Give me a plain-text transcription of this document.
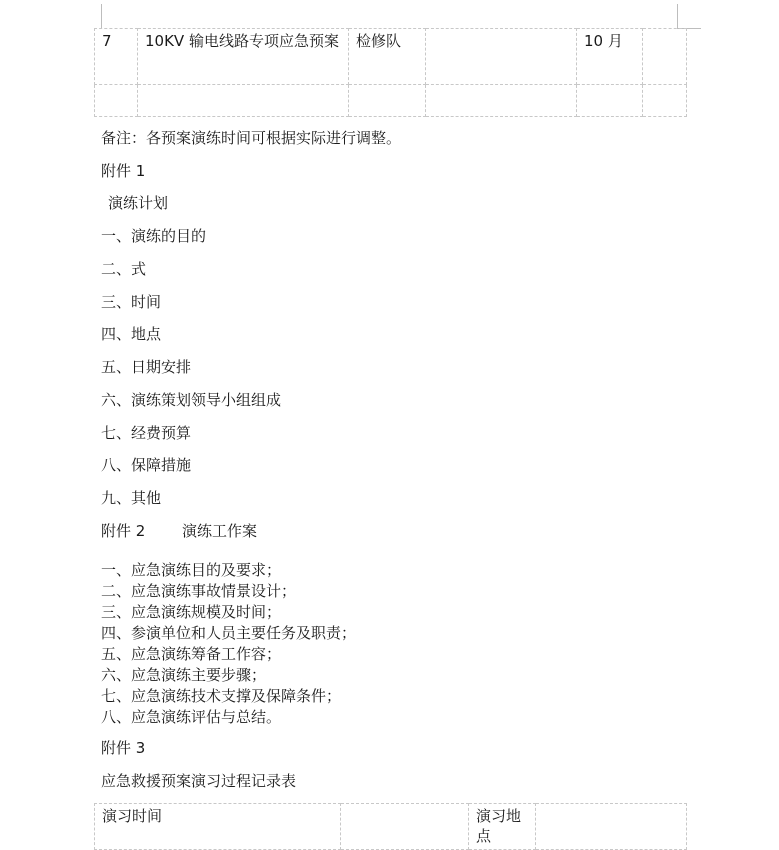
7	10KV 输电线路专项应急预案	检修队		10 月	

备注：各预案演练时间可根据实际进行调整。
附件 1
演练计划
一、演练的目的
二、式
三、时间
四、地点
五、日期安排
六、演练策划领导小组组成
七、经费预算
八、保障措施
九、其他
附件 2 演练工作案
一、应急演练目的及要求；
二、应急演练事故情景设计；
三、应急演练规模及时间；
四、参演单位和人员主要任务及职责；
五、应急演练筹备工作容；
六、应急演练主要步骤；
七、应急演练技术支撑及保障条件；
八、应急演练评估与总结。
附件 3
应急救援预案演习过程记录表
演习时间		演习地点	
